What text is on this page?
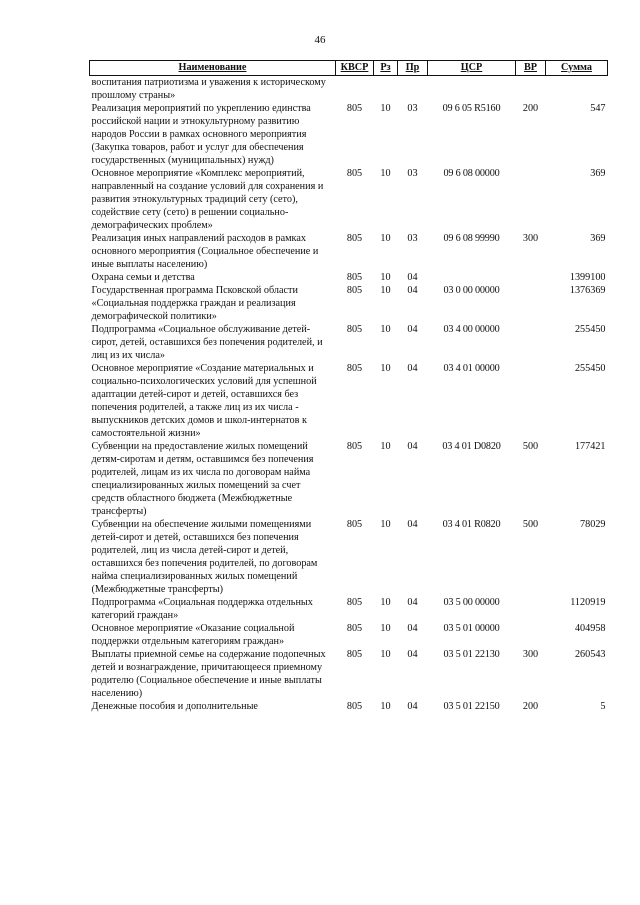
46
Наименование	КВСР	Рз	Пр	ЦСР	ВР	Сумма
воспитания патриотизма и уважения к историческому прошлому страны»						
Реализация мероприятий по укреплению единства российской нации и этнокультурному развитию народов России в рамках основного мероприятия (Закупка товаров, работ и услуг для обеспечения государственных (муниципальных) нужд)	805	10	03	09 6 05 R5160	200	547
Основное мероприятие «Комплекс мероприятий, направленный на создание условий для сохранения и развития этнокультурных традиций сету (сето), содействие сету (сето) в решении социально-демографических проблем»	805	10	03	09 6 08 00000		369
Реализация иных направлений расходов в рамках основного мероприятия (Социальное обеспечение и иные выплаты населению)	805	10	03	09 6 08 99990	300	369
Охрана семьи и детства	805	10	04			1399100
Государственная программа Псковской области «Социальная поддержка граждан и реализация демографической политики»	805	10	04	03 0 00 00000		1376369
Подпрограмма «Социальное обслуживание детей-сирот, детей, оставшихся без попечения родителей, и лиц из их числа»	805	10	04	03 4 00 00000		255450
Основное мероприятие «Создание материальных и социально-психологических условий для успешной адаптации детей-сирот и детей, оставшихся без попечения родителей, а также лиц из их числа - выпускников детских домов и школ-интернатов к самостоятельной жизни»	805	10	04	03 4 01 00000		255450
Субвенции на предоставление жилых помещений детям-сиротам и детям, оставшимся без попечения родителей, лицам из их числа по договорам найма специализированных жилых помещений за счет средств областного бюджета (Межбюджетные трансферты)	805	10	04	03 4 01 D0820	500	177421
Субвенции на обеспечение жилыми помещениями детей-сирот и детей, оставшихся без попечения родителей, лиц из числа детей-сирот и детей, оставшихся без попечения родителей, по договорам найма специализированных жилых помещений (Межбюджетные трансферты)	805	10	04	03 4 01 R0820	500	78029
Подпрограмма «Социальная поддержка отдельных категорий граждан»	805	10	04	03 5 00 00000		1120919
Основное мероприятие «Оказание социальной поддержки отдельным категориям граждан»	805	10	04	03 5 01 00000		404958
Выплаты приемной семье на содержание подопечных детей и вознаграждение, причитающееся приемному родителю (Социальное обеспечение и иные выплаты населению)	805	10	04	03 5 01 22130	300	260543
Денежные пособия и дополнительные	805	10	04	03 5 01 22150	200	5
